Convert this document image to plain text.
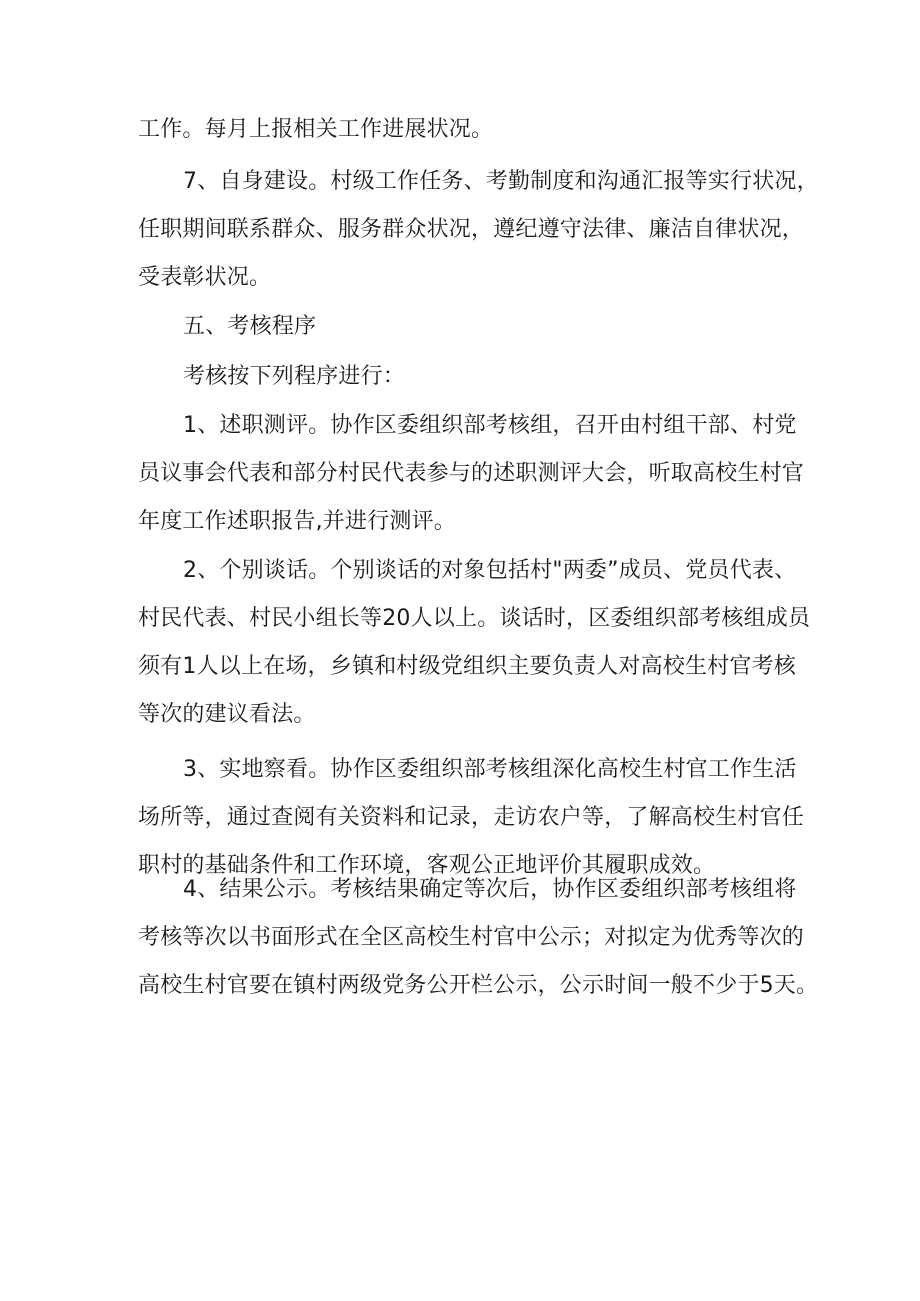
工作。每月上报相关工作进展状况。
7、自身建设。村级工作任务、考勤制度和沟通汇报等实行状况，
任职期间联系群众、服务群众状况，遵纪遵守法律、廉洁自律状况，
受表彰状况。
五、考核程序
考核按下列程序进行：
1、述职测评。协作区委组织部考核组，召开由村组干部、村党
员议事会代表和部分村民代表参与的述职测评大会，听取高校生村官
年度工作述职报告,并进行测评。
2、个别谈话。个别谈话的对象包括村"两委”成员、党员代表、
村民代表、村民小组长等20人以上。谈话时，区委组织部考核组成员
须有1人以上在场，乡镇和村级党组织主要负责人对高校生村官考核
等次的建议看法。
3、实地察看。协作区委组织部考核组深化高校生村官工作生活
场所等，通过查阅有关资料和记录，走访农户等，了解高校生村官任
职村的基础条件和工作环境，客观公正地评价其履职成效。
4、结果公示。考核结果确定等次后，协作区委组织部考核组将
考核等次以书面形式在全区高校生村官中公示；对拟定为优秀等次的
高校生村官要在镇村两级党务公开栏公示，公示时间一般不少于5天。
